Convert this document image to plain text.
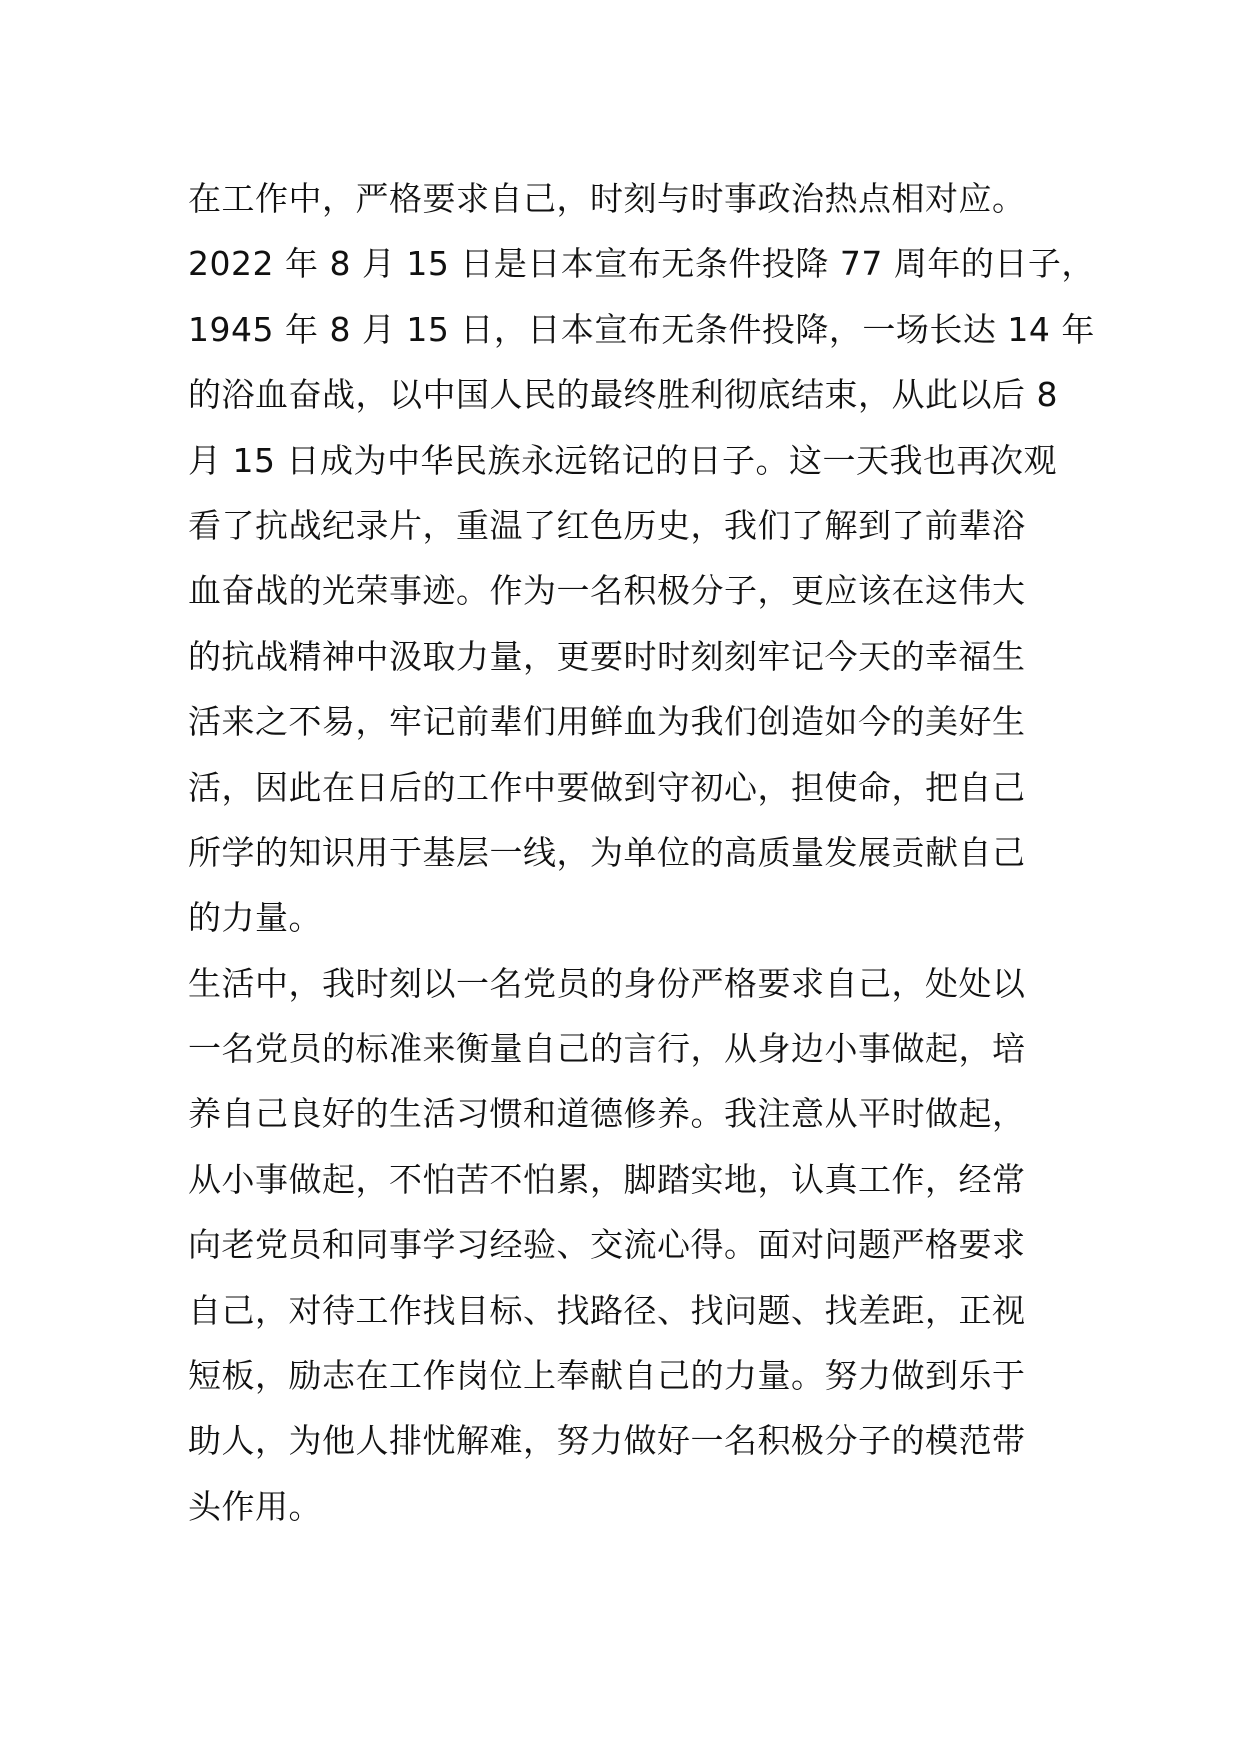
在工作中，严格要求自己，时刻与时事政治热点相对应。
2022 年 8 月 15 日是日本宣布无条件投降 77 周年的日子，
1945 年 8 月 15 日，日本宣布无条件投降，一场长达 14 年
的浴血奋战，以中国人民的最终胜利彻底结束，从此以后 8
月 15 日成为中华民族永远铭记的日子。这一天我也再次观
看了抗战纪录片，重温了红色历史，我们了解到了前辈浴
血奋战的光荣事迹。作为一名积极分子，更应该在这伟大
的抗战精神中汲取力量，更要时时刻刻牢记今天的幸福生
活来之不易，牢记前辈们用鲜血为我们创造如今的美好生
活，因此在日后的工作中要做到守初心，担使命，把自己
所学的知识用于基层一线，为单位的高质量发展贡献自己
的力量。
生活中，我时刻以一名党员的身份严格要求自己，处处以
一名党员的标准来衡量自己的言行，从身边小事做起，培
养自己良好的生活习惯和道德修养。我注意从平时做起，
从小事做起，不怕苦不怕累，脚踏实地，认真工作，经常
向老党员和同事学习经验、交流心得。面对问题严格要求
自己，对待工作找目标、找路径、找问题、找差距，正视
短板，励志在工作岗位上奉献自己的力量。努力做到乐于
助人，为他人排忧解难，努力做好一名积极分子的模范带
头作用。
